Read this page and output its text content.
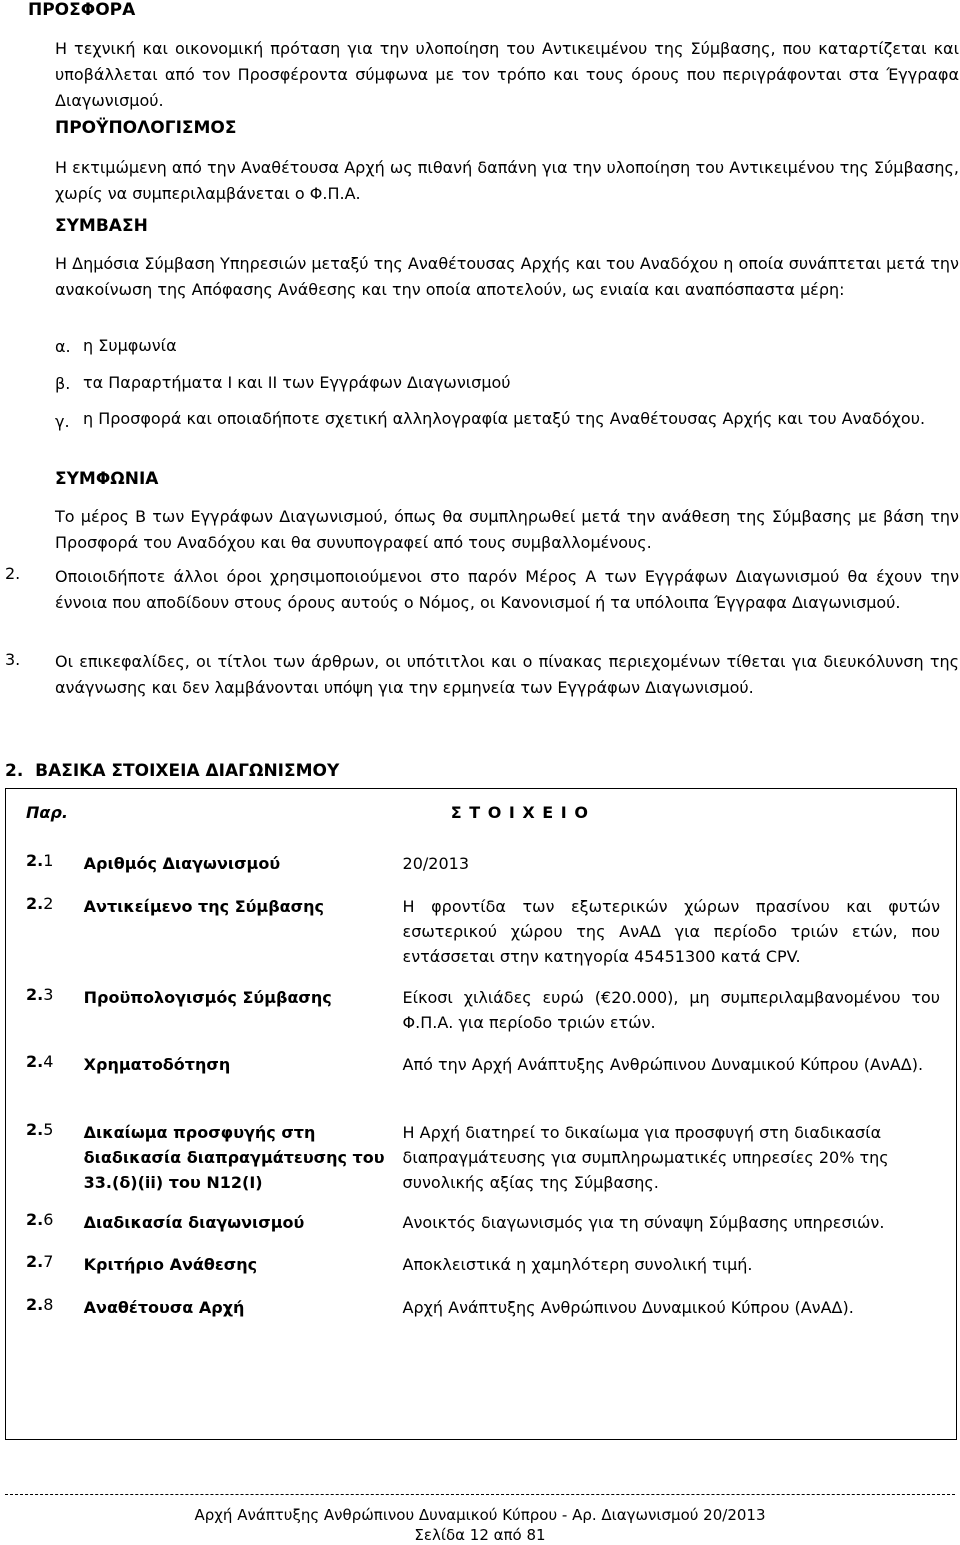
ΠΡΟΣΦΟΡΑ
Η τεχνική και οικονομική πρόταση για την υλοποίηση του Αντικειμένου της Σύμβασης, που καταρτίζεται και υποβάλλεται από τον Προσφέροντα σύμφωνα με τον τρόπο και τους όρους που περιγράφονται στα Έγγραφα Διαγωνισμού.
ΠΡΟΫΠΟΛΟΓΙΣΜΟΣ
Η εκτιμώμενη από την Αναθέτουσα Αρχή ως πιθανή δαπάνη για την υλοποίηση του Αντικειμένου της Σύμβασης, χωρίς να συμπεριλαμβάνεται ο Φ.Π.Α.
ΣΥΜΒΑΣΗ
Η Δημόσια Σύμβαση Υπηρεσιών μεταξύ της Αναθέτουσας Αρχής και του Αναδόχου η οποία συνάπτεται μετά την ανακοίνωση της Απόφασης Ανάθεσης και την οποία αποτελούν, ως ενιαία και αναπόσπαστα μέρη:
α. η Συμφωνία
β. τα Παραρτήματα Ι και ΙΙ των Εγγράφων Διαγωνισμού
γ. η Προσφορά και οποιαδήποτε σχετική αλληλογραφία μεταξύ της Αναθέτουσας Αρχής και του Αναδόχου.
ΣΥΜΦΩΝΙΑ
Το μέρος Β των Εγγράφων Διαγωνισμού, όπως θα συμπληρωθεί μετά την ανάθεση της Σύμβασης με βάση την Προσφορά του Αναδόχου και θα συνυπογραφεί από τους συμβαλλομένους.
2. Οποιοιδήποτε άλλοι όροι χρησιμοποιούμενοι στο παρόν Μέρος Α των Εγγράφων Διαγωνισμού θα έχουν την έννοια που αποδίδουν στους όρους αυτούς ο Νόμος, οι Κανονισμοί ή τα υπόλοιπα Έγγραφα Διαγωνισμού.
3. Οι επικεφαλίδες, οι τίτλοι των άρθρων, οι υπότιτλοι και ο πίνακας περιεχομένων τίθεται για διευκόλυνση της ανάγνωσης και δεν λαμβάνονται υπόψη για την ερμηνεία των Εγγράφων Διαγωνισμού.
2.  ΒΑΣΙΚΑ ΣΤΟΙΧΕΙΑ ΔΙΑΓΩΝΙΣΜΟΥ
Παρ.	Σ Τ Ο Ι Χ Ε Ι Ο	
2.1	Αριθμός Διαγωνισμού	20/2013
2.2	Αντικείμενο της Σύμβασης	Η φροντίδα των εξωτερικών χώρων πρασίνου και φυτών εσωτερικού χώρου της ΑνΑΔ για περίοδο τριών ετών, που εντάσσεται στην κατηγορία 45451300 κατά CPV.
2.3	Προϋπολογισμός Σύμβασης	Είκοσι χιλιάδες ευρώ (€20.000), μη συμπεριλαμβανομένου του Φ.Π.Α. για περίοδο τριών ετών.
2.4	Χρηματοδότηση	Από την Αρχή Ανάπτυξης Ανθρώπινου Δυναμικού Κύπρου (ΑνΑΔ).
2.5	Δικαίωμα προσφυγής στη διαδικασία διαπραγμάτευσης του 33.(δ)(ii) του Ν12(Ι)	Η Αρχή διατηρεί το δικαίωμα για προσφυγή στη διαδικασία διαπραγμάτευσης για συμπληρωματικές υπηρεσίες 20% της συνολικής αξίας της Σύμβασης.
2.6	Διαδικασία διαγωνισμού	Ανοικτός διαγωνισμός για τη σύναψη Σύμβασης υπηρεσιών.
2.7	Κριτήριο Ανάθεσης	Αποκλειστικά η χαμηλότερη συνολική τιμή.
2.8	Αναθέτουσα Αρχή	Αρχή Ανάπτυξης Ανθρώπινου Δυναμικού Κύπρου (ΑνΑΔ).
Αρχή Ανάπτυξης Ανθρώπινου Δυναμικού Κύπρου - Αρ. Διαγωνισμού 20/2013
Σελίδα 12 από 81
